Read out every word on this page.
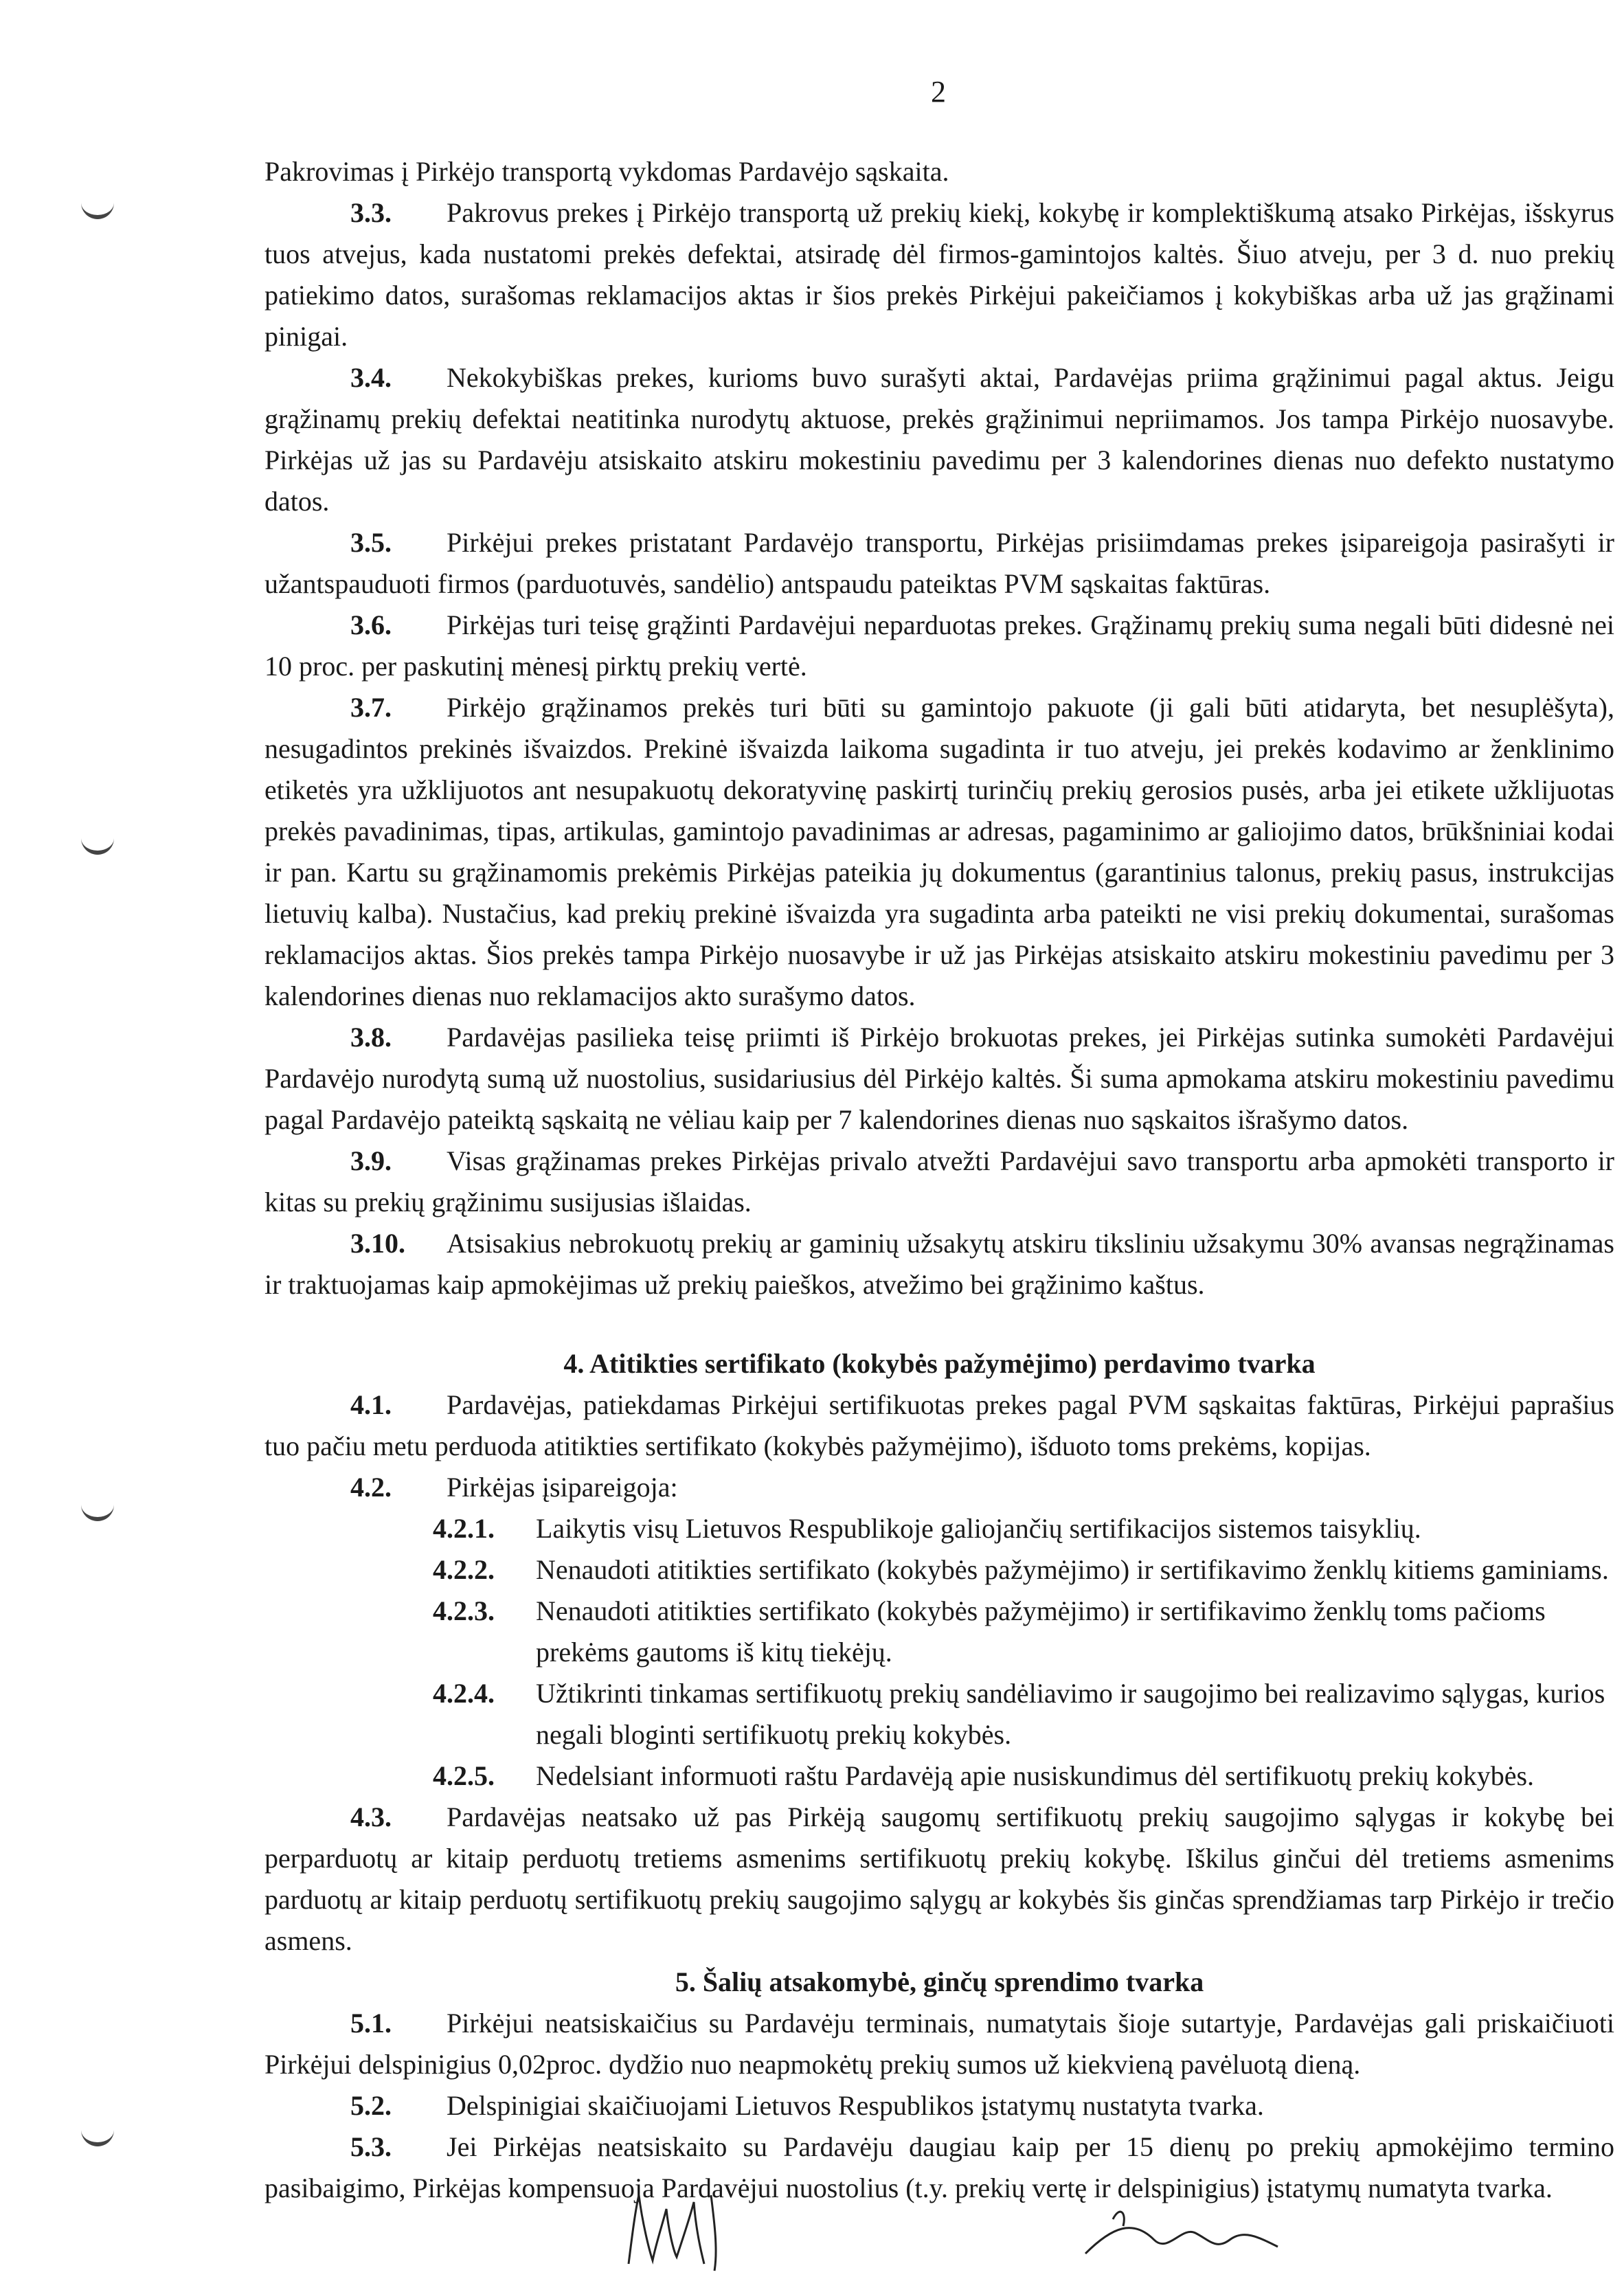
2

Pakrovimas į Pirkėjo transportą vykdomas Pardavėjo sąskaita.

3.3. Pakrovus prekes į Pirkėjo transportą už prekių kiekį, kokybę ir komplektiškumą atsako Pirkėjas, išskyrus tuos atvejus, kada nustatomi prekės defektai, atsiradę dėl firmos-gamintojos kaltės. Šiuo atveju, per 3 d. nuo prekių patiekimo datos, surašomas reklamacijos aktas ir šios prekės Pirkėjui pakeičiamos į kokybiškas arba už jas grąžinami pinigai.

3.4. Nekokybiškas prekes, kurioms buvo surašyti aktai, Pardavėjas priima grąžinimui pagal aktus. Jeigu grąžinamų prekių defektai neatitinka nurodytų aktuose, prekės grąžinimui nepriimamos. Jos tampa Pirkėjo nuosavybe. Pirkėjas už jas su Pardavėju atsiskaito atskiru mokestiniu pavedimu per 3 kalendorines dienas nuo defekto nustatymo datos.

3.5. Pirkėjui prekes pristatant Pardavėjo transportu, Pirkėjas prisiimdamas prekes įsipareigoja pasirašyti ir užantspauduoti firmos (parduotuvės, sandėlio) antspaudu pateiktas PVM sąskaitas faktūras.

3.6. Pirkėjas turi teisę grąžinti Pardavėjui neparduotas prekes. Grąžinamų prekių suma negali būti didesnė nei 10 proc. per paskutinį mėnesį pirktų prekių vertė.

3.7. Pirkėjo grąžinamos prekės turi būti su gamintojo pakuote (ji gali būti atidaryta, bet nesuplėšyta), nesugadintos prekinės išvaizdos. Prekinė išvaizda laikoma sugadinta ir tuo atveju, jei prekės kodavimo ar ženklinimo etiketės yra užklijuotos ant nesupakuotų dekoratyvinę paskirtį turinčių prekių gerosios pusės, arba jei etikete užklijuotas prekės pavadinimas, tipas, artikulas, gamintojo pavadinimas ar adresas, pagaminimo ar galiojimo datos, brūkšniniai kodai ir pan. Kartu su grąžinamomis prekėmis Pirkėjas pateikia jų dokumentus (garantinius talonus, prekių pasus, instrukcijas lietuvių kalba). Nustačius, kad prekių prekinė išvaizda yra sugadinta arba pateikti ne visi prekių dokumentai, surašomas reklamacijos aktas. Šios prekės tampa Pirkėjo nuosavybe ir už jas Pirkėjas atsiskaito atskiru mokestiniu pavedimu per 3 kalendorines dienas nuo reklamacijos akto surašymo datos.

3.8. Pardavėjas pasilieka teisę priimti iš Pirkėjo brokuotas prekes, jei Pirkėjas sutinka sumokėti Pardavėjui Pardavėjo nurodytą sumą už nuostolius, susidariusius dėl Pirkėjo kaltės. Ši suma apmokama atskiru mokestiniu pavedimu pagal Pardavėjo pateiktą sąskaitą ne vėliau kaip per 7 kalendorines dienas nuo sąskaitos išrašymo datos.

3.9. Visas grąžinamas prekes Pirkėjas privalo atvežti Pardavėjui savo transportu arba apmokėti transporto ir kitas su prekių grąžinimu susijusias išlaidas.

3.10. Atsisakius nebrokuotų prekių ar gaminių užsakytų atskiru tiksliniu užsakymu 30% avansas negrąžinamas ir traktuojamas kaip apmokėjimas už prekių paieškos, atvežimo bei grąžinimo kaštus.

4. Atitikties sertifikato (kokybės pažymėjimo) perdavimo tvarka

4.1. Pardavėjas, patiekdamas Pirkėjui sertifikuotas prekes pagal PVM sąskaitas faktūras, Pirkėjui paprašius tuo pačiu metu perduoda atitikties sertifikato (kokybės pažymėjimo), išduoto toms prekėms, kopijas.

4.2. Pirkėjas įsipareigoja:

4.2.1.	Laikytis visų Lietuvos Respublikoje galiojančių sertifikacijos sistemos taisyklių.
4.2.2.	Nenaudoti atitikties sertifikato (kokybės pažymėjimo) ir sertifikavimo ženklų kitiems gaminiams.
4.2.3.	Nenaudoti atitikties sertifikato (kokybės pažymėjimo) ir sertifikavimo ženklų toms pačioms prekėms gautoms iš kitų tiekėjų.
4.2.4.	Užtikrinti tinkamas sertifikuotų prekių sandėliavimo ir saugojimo bei realizavimo sąlygas, kurios negali bloginti sertifikuotų prekių kokybės.
4.2.5.	Nedelsiant informuoti raštu Pardavėją apie nusiskundimus dėl sertifikuotų prekių kokybės.

4.3. Pardavėjas neatsako už pas Pirkėją saugomų sertifikuotų prekių saugojimo sąlygas ir kokybę bei perparduotų ar kitaip perduotų tretiems asmenims sertifikuotų prekių kokybę. Iškilus ginčui dėl tretiems asmenims parduotų ar kitaip perduotų sertifikuotų prekių saugojimo sąlygų ar kokybės šis ginčas sprendžiamas tarp Pirkėjo ir trečio asmens.

5. Šalių atsakomybė, ginčų sprendimo tvarka

5.1. Pirkėjui neatsiskaičius su Pardavėju terminais, numatytais šioje sutartyje, Pardavėjas gali priskaičiuoti Pirkėjui delspinigius 0,02proc. dydžio nuo neapmokėtų prekių sumos už kiekvieną pavėluotą dieną.

5.2. Delspinigiai skaičiuojami Lietuvos Respublikos įstatymų nustatyta tvarka.

5.3. Jei Pirkėjas neatsiskaito su Pardavėju daugiau kaip per 15 dienų po prekių apmokėjimo termino pasibaigimo, Pirkėjas kompensuoja Pardavėjui nuostolius (t.y. prekių vertę ir delspinigius) įstatymų numatyta tvarka.
